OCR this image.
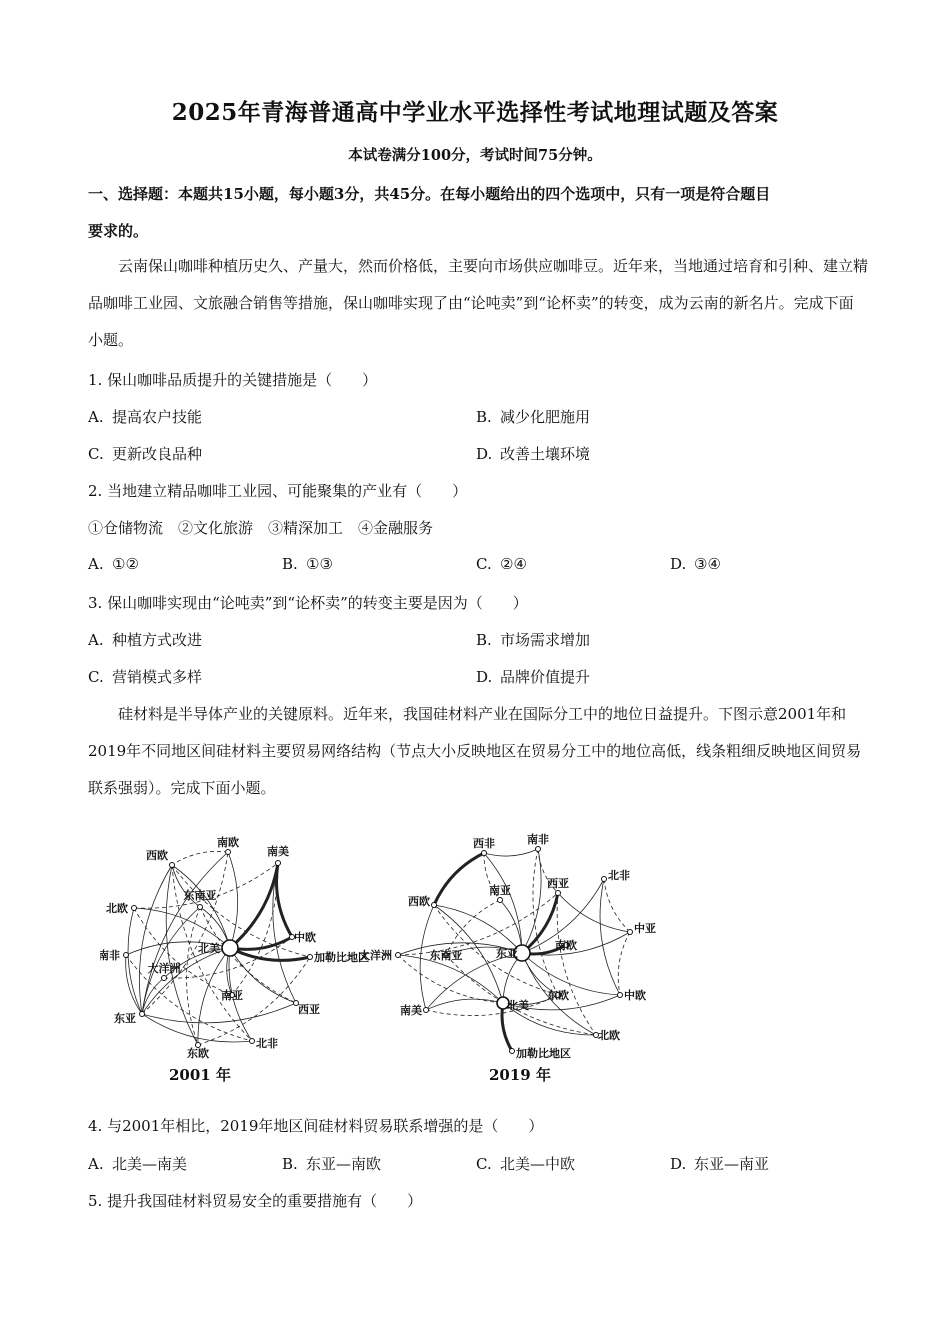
2025年青海普通高中学业水平选择性考试地理试题及答案
本试卷满分100分，考试时间75分钟。
一、选择题：本题共15小题，每小题3分，共45分。在每小题给出的四个选项中，只有一项是符合题目
要求的。
云南保山咖啡种植历史久、产量大，然而价格低，主要向市场供应咖啡豆。近年来，当地通过培育和引种、建立精品咖啡工业园、文旅融合销售等措施，保山咖啡实现了由“论吨卖”到“论杯卖”的转变，成为云南的新名片。完成下面小题。
1. 保山咖啡品质提升的关键措施是（　　）
A. 提高农户技能	B. 减少化肥施用
C. 更新改良品种	D. 改善土壤环境
2. 当地建立精品咖啡工业园、可能聚集的产业有（　　）
①仓储物流　②文化旅游　③精深加工　④金融服务
A. ①②	B. ①③	C. ②④	D. ③④
3. 保山咖啡实现由“论吨卖”到“论杯卖”的转变主要是因为（　　）
A. 种植方式改进	B. 市场需求增加
C. 营销模式多样	D. 品牌价值提升
硅材料是半导体产业的关键原料。近年来，我国硅材料产业在国际分工中的地位日益提升。下图示意2001年和2019年不同地区间硅材料主要贸易网络结构（节点大小反映地区在贸易分工中的地位高低，线条粗细反映地区间贸易联系强弱）。完成下面小题。
南欧
南美
西欧
东南亚
北欧
中欧
北美
加勒比地区
南非
大洋洲
南亚
西亚
东亚
东欧
北非
西非	南非
北非
西亚
南亚
西欧
中亚
南欧
大洋洲	东南亚	东亚
中欧
东欧
北美
南美
北欧
加勒比地区
2001 年	2019 年
4. 与2001年相比，2019年地区间硅材料贸易联系增强的是（　　）
A. 北美—南美	B. 东亚—南欧	C. 北美—中欧	D. 东亚—南亚
5. 提升我国硅材料贸易安全的重要措施有（　　）
